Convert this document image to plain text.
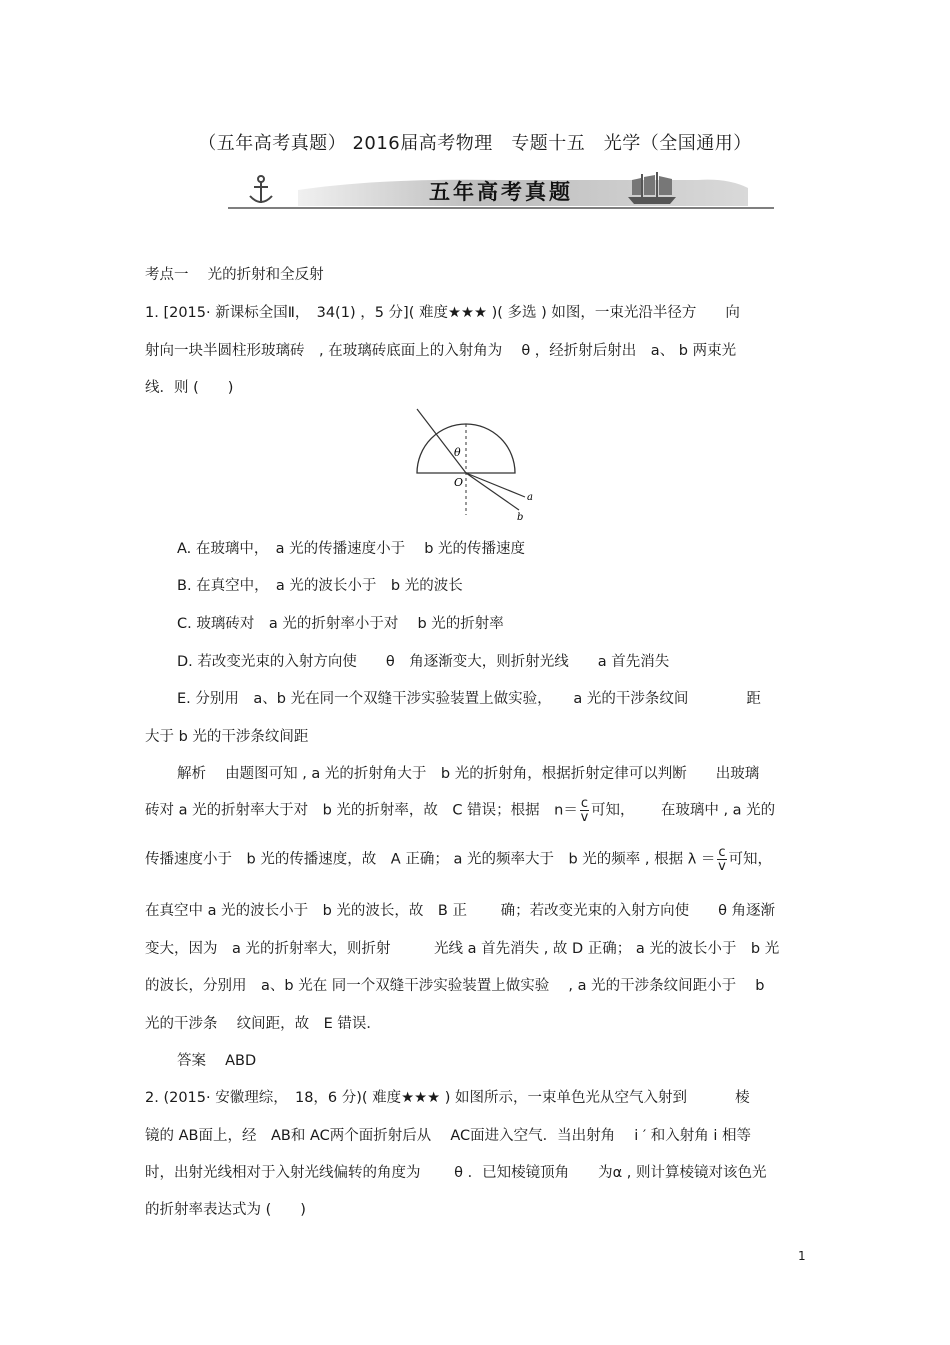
（五年高考真题） 2016届高考物理　专题十五　光学（全国通用）
五年高考真题
考点一　 光的折射和全反射
1. [2015· 新课标全国Ⅱ，　34(1) ，5 分]( 难度★★★ )( 多选 ) 如图，一束光沿半径方　　向
射向一块半圆柱形玻璃砖　, 在玻璃砖底面上的入射角为　 θ ，经折射后射出　a、 b 两束光
线．则 (　　)
θ
O
a
b
A. 在玻璃中，　a 光的传播速度小于　 b 光的传播速度
B. 在真空中，　a 光的波长小于　b 光的波长
C. 玻璃砖对　a 光的折射率小于对　 b 光的折射率
D. 若改变光束的入射方向使　　θ　角逐渐变大，则折射光线　　a 首先消失
E. 分别用　a、b 光在同一个双缝干涉实验装置上做实验，　　a 光的干涉条纹间　　　　距
大于 b 光的干涉条纹间距
解析　 由题图可知 , a 光的折射角大于　b 光的折射角，根据折射定律可以判断　　出玻璃
砖对 a 光的折射率大于对　b 光的折射率，故　C 错误；根据　$n= \frac{c}{v}$ 可知，　　 在玻璃中 , a 光的
传播速度小于　b 光的传播速度，故　A 正确； a 光的频率大于　b 光的频率 , 根据 $\lambda = \frac{c}{v}$ 可知，
在真空中 a 光的波长小于　b 光的波长，故　B 正　　 确；若改变光束的入射方向使　　θ 角逐渐
变大，因为　a 光的折射率大，则折射　　　光线 a 首先消失 , 故 D 正确； a 光的波长小于　b 光
的波长，分别用　a、b 光在 同一个双缝干涉实验装置上做实验　 , a 光的干涉条纹间距小于　 b
光的干涉条　 纹间距，故　E 错误．
答案　 ABD
2. (2015· 安徽理综，　18，6 分)( 难度★★★ ) 如图所示，一束单色光从空气入射到　　　 棱
镜的 AB面上，经　AB和 AC两个面折射后从　 AC面进入空气．当出射角　 i ′ 和入射角 i 相等
时，出射光线相对于入射光线偏转的角度为　　 θ ．已知棱镜顶角　　为α , 则计算棱镜对该色光
的折射率表达式为 (　　)
1
